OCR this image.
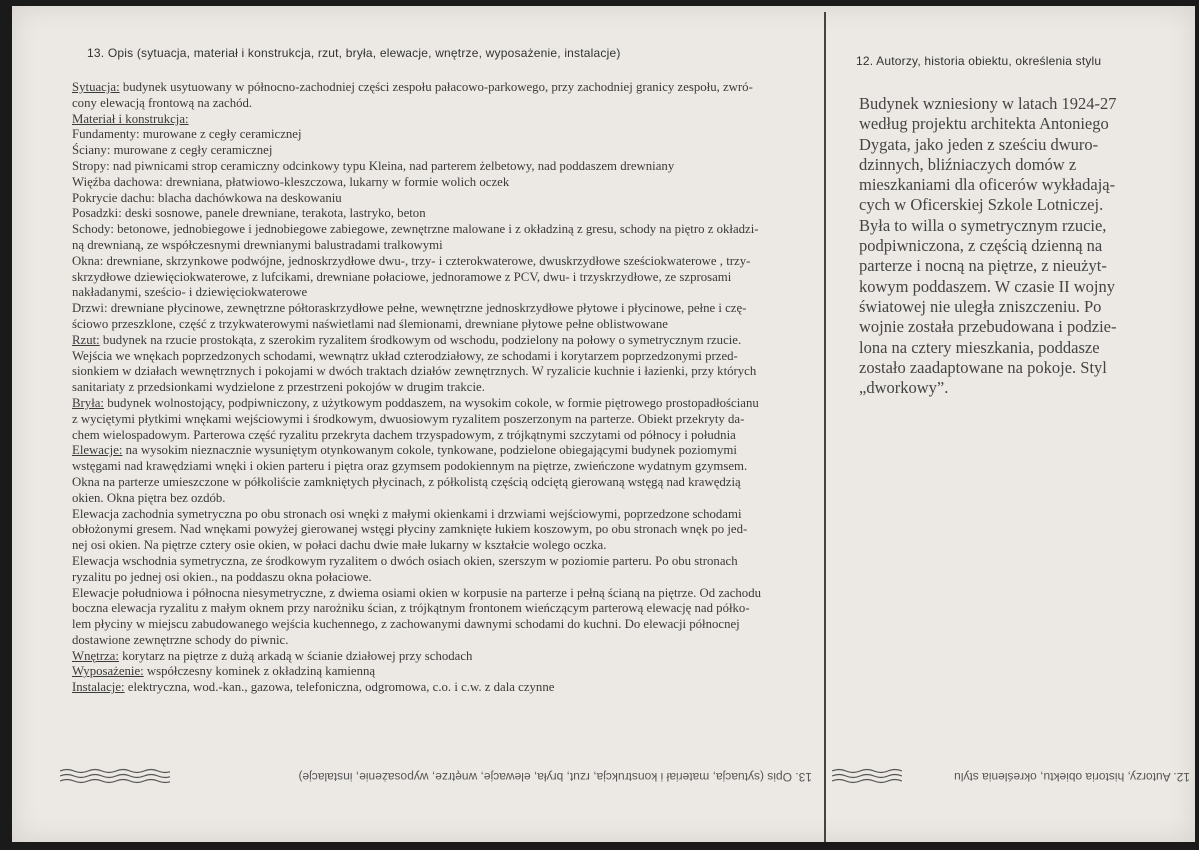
13. Opis (sytuacja, materiał i konstrukcja, rzut, bryła, elewacje, wnętrze, wyposażenie, instalacje)
12. Autorzy, historia obiektu, określenia stylu
Sytuacja: budynek usytuowany w północno-zachodniej części zespołu pałacowo-parkowego, przy zachodniej granicy zespołu, zwró-
cony elewacją frontową na zachód.
Materiał i konstrukcja:
Fundamenty: murowane z cegły ceramicznej
Ściany: murowane z cegły ceramicznej
Stropy: nad piwnicami strop ceramiczny odcinkowy typu Kleina, nad parterem żelbetowy, nad poddaszem drewniany
Więźba dachowa: drewniana, płatwiowo-kleszczowa, lukarny w formie wolich oczek
Pokrycie dachu: blacha dachówkowa na deskowaniu
Posadzki: deski sosnowe, panele drewniane, terakota, lastryko, beton
Schody: betonowe, jednobiegowe i jednobiegowe zabiegowe, zewnętrzne malowane i z okładziną z gresu, schody na piętro z okładzi-
ną drewnianą, ze współczesnymi drewnianymi balustradami tralkowymi
Okna: drewniane, skrzynkowe podwójne, jednoskrzydłowe dwu-, trzy- i czterokwaterowe, dwuskrzydłowe sześciokwaterowe , trzy-
skrzydłowe dziewięciokwaterowe, z lufcikami, drewniane połaciowe, jednoramowe z PCV, dwu- i trzyskrzydłowe, ze szprosami
nakładanymi, sześcio- i dziewięciokwaterowe
Drzwi: drewniane płycinowe, zewnętrzne półtoraskrzydłowe pełne, wewnętrzne jednoskrzydłowe płytowe i płycinowe, pełne i czę-
ściowo przeszklone, część z trzykwaterowymi naświetlami nad ślemionami, drewniane płytowe pełne oblistwowane
Rzut: budynek na rzucie prostokąta, z szerokim ryzalitem środkowym od wschodu, podzielony na połowy o symetrycznym rzucie.
Wejścia we wnękach poprzedzonych schodami, wewnątrz układ czterodziałowy, ze schodami i korytarzem poprzedzonymi przed-
sionkiem w działach wewnętrznych i pokojami w dwóch traktach działów zewnętrznych. W ryzalicie kuchnie i łazienki, przy których
sanitariaty z przedsionkami wydzielone z przestrzeni pokojów w drugim trakcie.
Bryła: budynek wolnostojący, podpiwniczony, z użytkowym poddaszem, na wysokim cokole, w formie piętrowego prostopadłościanu
z wyciętymi płytkimi wnękami wejściowymi i środkowym, dwuosiowym ryzalitem poszerzonym na parterze. Obiekt przekryty da-
chem wielospadowym. Parterowa część ryzalitu przekryta dachem trzyspadowym, z trójkątnymi szczytami od północy i południa
Elewacje: na wysokim nieznacznie wysuniętym otynkowanym cokole, tynkowane, podzielone obiegającymi budynek poziomymi
wstęgami nad krawędziami wnęki i okien parteru i piętra oraz gzymsem podokiennym na piętrze, zwieńczone wydatnym gzymsem.
Okna na parterze umieszczone w półkoliście zamkniętych płycinach, z półkolistą częścią odciętą gierowaną wstęgą nad krawędzią
okien. Okna piętra bez ozdób.
Elewacja zachodnia symetryczna po obu stronach osi wnęki z małymi okienkami i drzwiami wejściowymi, poprzedzone schodami
obłożonymi gresem. Nad wnękami powyżej gierowanej wstęgi płyciny zamknięte łukiem koszowym, po obu stronach wnęk po jed-
nej osi okien. Na piętrze cztery osie okien, w połaci dachu dwie małe lukarny w kształcie wolego oczka.
Elewacja wschodnia symetryczna, ze środkowym ryzalitem o dwóch osiach okien, szerszym w poziomie parteru. Po obu stronach
ryzalitu po jednej osi okien., na poddaszu okna połaciowe.
Elewacje południowa i północna niesymetryczne, z dwiema osiami okien w korpusie na parterze i pełną ścianą na piętrze. Od zachodu
boczna elewacja ryzalitu z małym oknem przy narożniku ścian, z trójkątnym frontonem wieńczącym parterową elewację nad półko-
lem płyciny w miejscu zabudowanego wejścia kuchennego, z zachowanymi dawnymi schodami do kuchni. Do elewacji północnej
dostawione zewnętrzne schody do piwnic.
Wnętrza: korytarz na piętrze z dużą arkadą w ścianie działowej przy schodach
Wyposażenie: współczesny kominek z okładziną kamienną
Instalacje: elektryczna, wod.-kan., gazowa, telefoniczna, odgromowa, c.o. i c.w. z dala czynne
Budynek wzniesiony w latach 1924-27
według projektu architekta Antoniego
Dygata, jako jeden z sześciu dwuro-
dzinnych, bliźniaczych domów z
mieszkaniami dla oficerów wykładają-
cych w Oficerskiej Szkole Lotniczej.
Była to willa o symetrycznym rzucie,
podpiwniczona, z częścią dzienną na
parterze i nocną na piętrze, z nieużyt-
kowym poddaszem. W czasie II wojny
światowej nie uległa zniszczeniu. Po
wojnie została przebudowana i podzie-
lona na cztery mieszkania, poddasze
zostało zaadaptowane na pokoje. Styl
„dworkowy”.
13. Opis (sytuacja, materiał i konstrukcja, rzut, bryła, elewacje, wnętrze, wyposażenie, instalacje)	12. Autorzy, historia obiektu, określenia stylu
